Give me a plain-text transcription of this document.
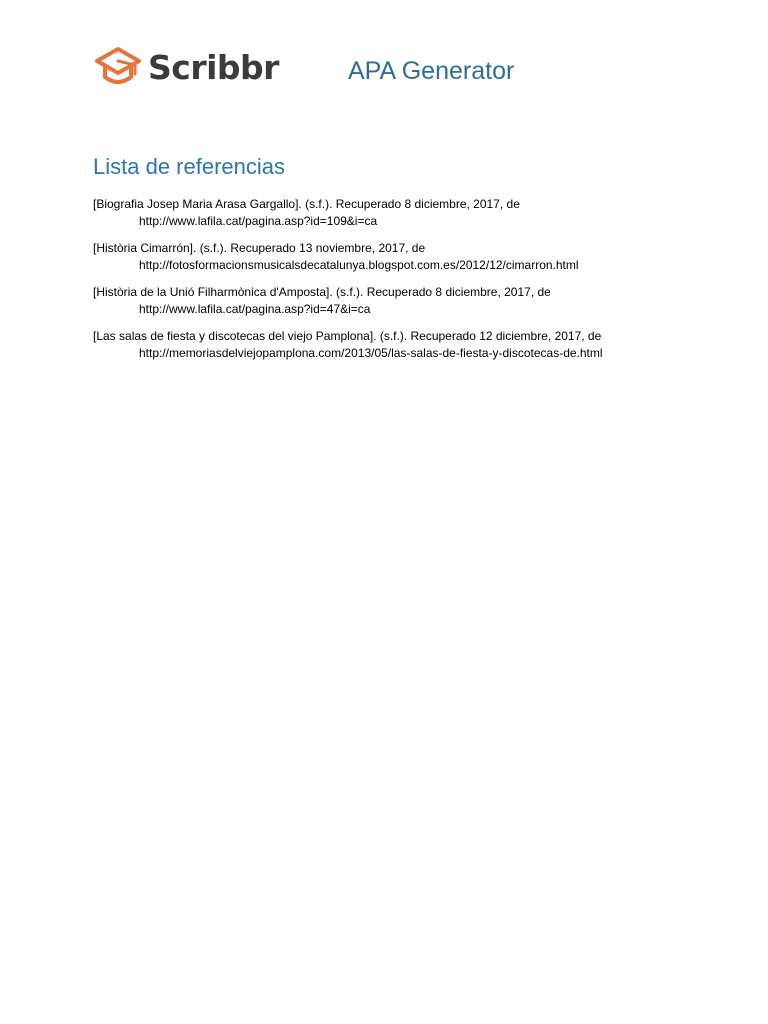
Scribbr	APA Generator
Lista de referencias
[Biografia Josep Maria Arasa Gargallo]. (s.f.). Recuperado 8 diciembre, 2017, de
http://www.lafila.cat/pagina.asp?id=109&i=ca
[Història Cimarrón]. (s.f.). Recuperado 13 noviembre, 2017, de
http://fotosformacionsmusicalsdecatalunya.blogspot.com.es/2012/12/cimarron.html
[Història de la Unió Filharmònica d'Amposta]. (s.f.). Recuperado 8 diciembre, 2017, de
http://www.lafila.cat/pagina.asp?id=47&i=ca
[Las salas de fiesta y discotecas del viejo Pamplona]. (s.f.). Recuperado 12 diciembre, 2017, de
http://memoriasdelviejopamplona.com/2013/05/las-salas-de-fiesta-y-discotecas-de.html
